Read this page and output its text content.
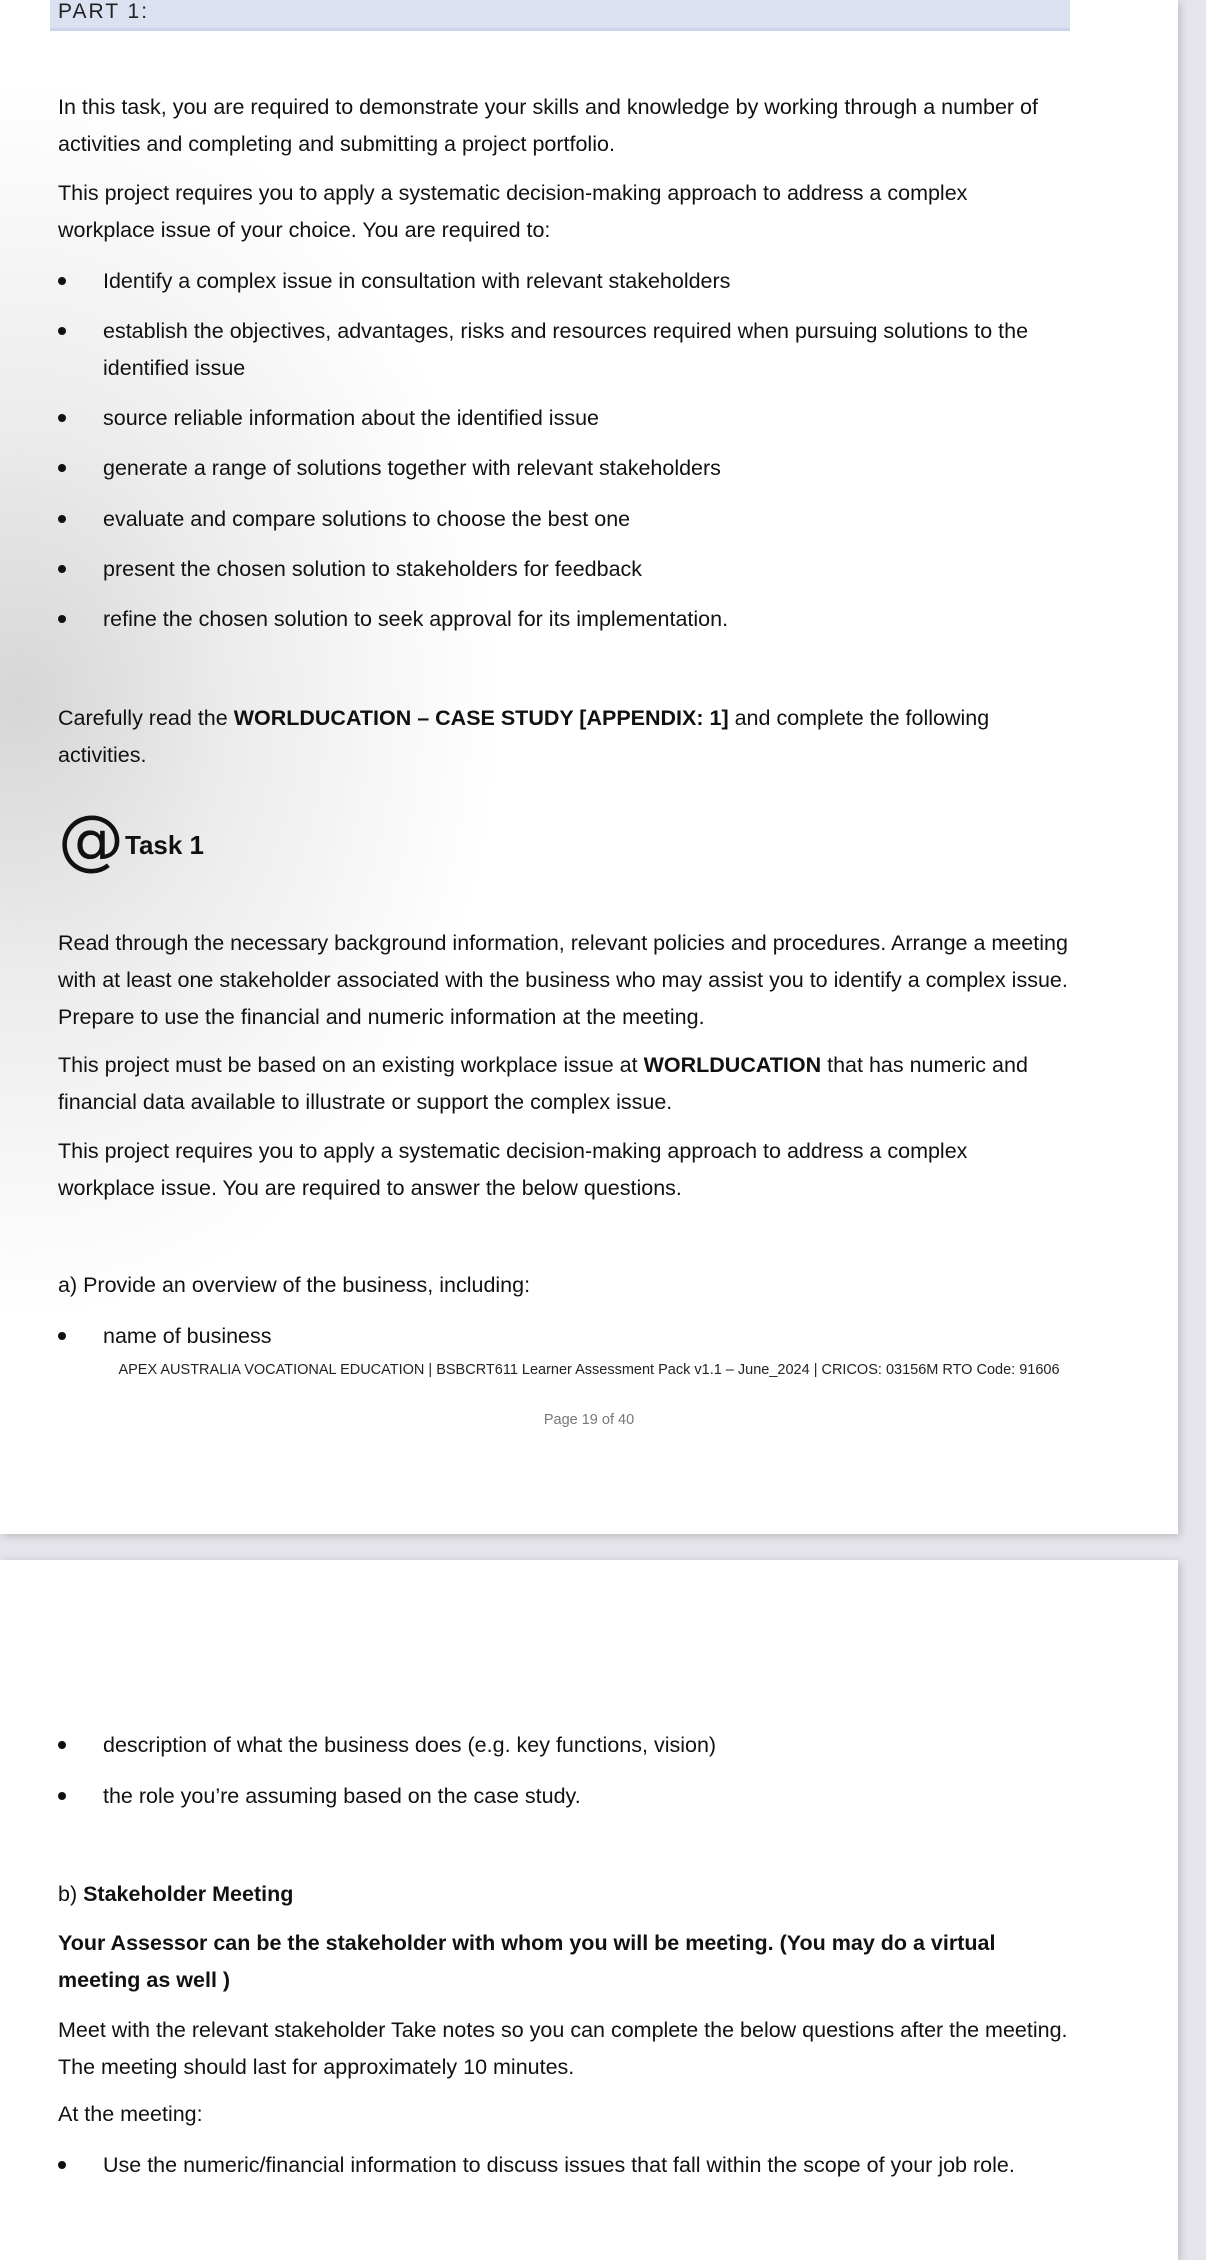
PART 1:

In this task, you are required to demonstrate your skills and knowledge by working through a number of activities and completing and submitting a project portfolio.

This project requires you to apply a systematic decision-making approach to address a complex workplace issue of your choice. You are required to:

Identify a complex issue in consultation with relevant stakeholders
establish the objectives, advantages, risks and resources required when pursuing solutions to the identified issue
source reliable information about the identified issue
generate a range of solutions together with relevant stakeholders
evaluate and compare solutions to choose the best one
present the chosen solution to stakeholders for feedback
refine the chosen solution to seek approval for its implementation.

Carefully read the WORLDUCATION – CASE STUDY [APPENDIX: 1] and complete the following activities.

@ Task 1

Read through the necessary background information, relevant policies and procedures. Arrange a meeting with at least one stakeholder associated with the business who may assist you to identify a complex issue. Prepare to use the financial and numeric information at the meeting.

This project must be based on an existing workplace issue at WORLDUCATION that has numeric and financial data available to illustrate or support the complex issue.

This project requires you to apply a systematic decision-making approach to address a complex workplace issue. You are required to answer the below questions.

a) Provide an overview of the business, including:

name of business
APEX AUSTRALIA VOCATIONAL EDUCATION | BSBCRT611 Learner Assessment Pack v1.1 – June_2024 | CRICOS: 03156M RTO Code: 91606
Page 19 of 40
description of what the business does (e.g. key functions, vision)
the role you’re assuming based on the case study.

b) Stakeholder Meeting

Your Assessor can be the stakeholder with whom you will be meeting. (You may do a virtual meeting as well )

Meet with the relevant stakeholder Take notes so you can complete the below questions after the meeting. The meeting should last for approximately 10 minutes.

At the meeting:

Use the numeric/financial information to discuss issues that fall within the scope of your job role.
